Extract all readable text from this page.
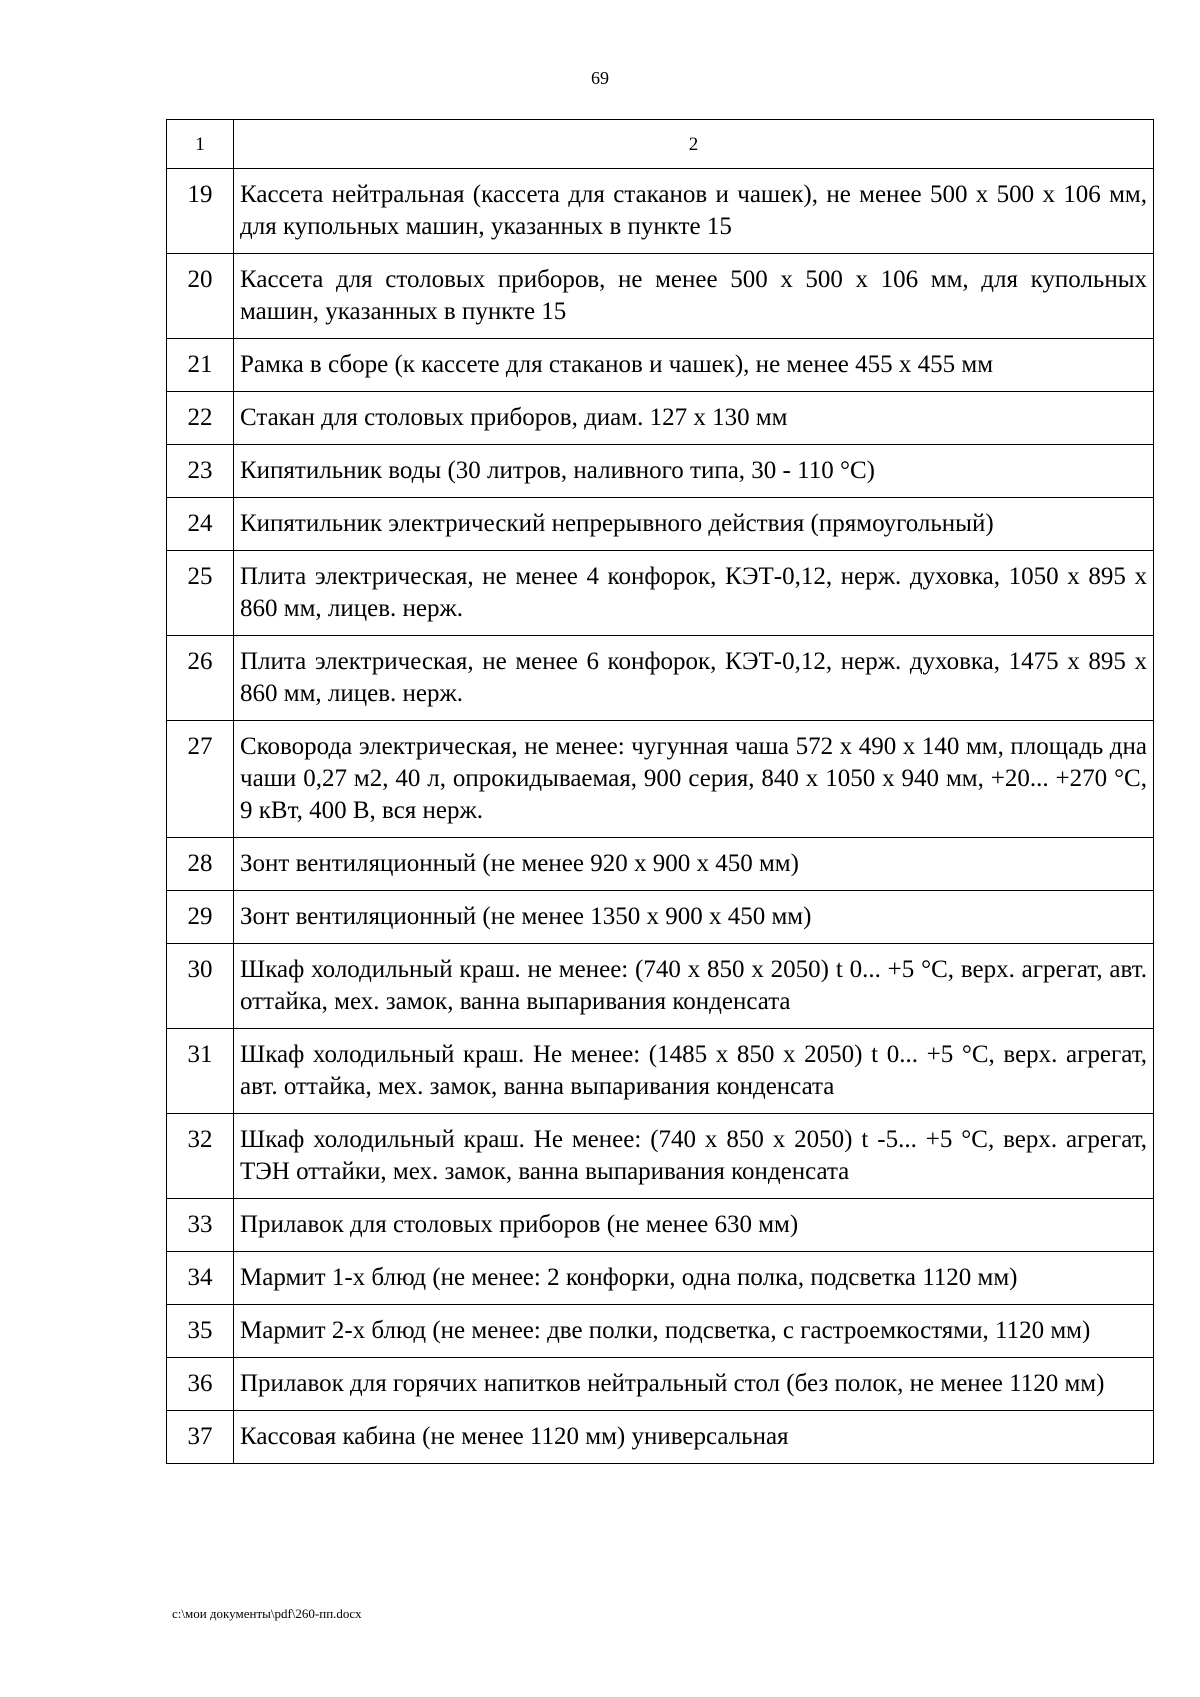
69
1	2
19	Кассета нейтральная (кассета для стаканов и чашек), не менее 500 х 500 х 106 мм, для купольных машин, указанных в пункте 15
20	Кассета для столовых приборов, не менее 500 х 500 х 106 мм, для купольных машин, указанных в пункте 15
21	Рамка в сборе (к кассете для стаканов и чашек), не менее 455 х 455 мм
22	Стакан для столовых приборов, диам. 127 х 130 мм
23	Кипятильник воды (30 литров, наливного типа, 30 - 110 °С)
24	Кипятильник электрический непрерывного действия (прямоугольный)
25	Плита электрическая, не менее 4 конфорок, КЭТ-0,12, нерж. духовка, 1050 х 895 х 860 мм, лицев. нерж.
26	Плита электрическая, не менее 6 конфорок, КЭТ-0,12, нерж. духовка, 1475 х 895 х 860 мм, лицев. нерж.
27	Сковорода электрическая, не менее: чугунная чаша 572 х 490 х 140 мм, площадь дна чаши 0,27 м2, 40 л, опрокидываемая, 900 серия, 840 х 1050 х 940 мм, +20... +270 °С, 9 кВт, 400 В, вся нерж.
28	Зонт вентиляционный (не менее 920 х 900 х 450 мм)
29	Зонт вентиляционный (не менее 1350 х 900 х 450 мм)
30	Шкаф холодильный краш. не менее: (740 х 850 х 2050) t 0... +5 °С, верх. агрегат, авт. оттайка, мех. замок, ванна выпаривания конденсата
31	Шкаф холодильный краш. Не менее: (1485 х 850 х 2050) t 0... +5 °С, верх. агрегат, авт. оттайка, мех. замок, ванна выпаривания конденсата
32	Шкаф холодильный краш. Не менее: (740 х 850 х 2050) t -5... +5 °С, верх. агрегат, ТЭН оттайки, мех. замок, ванна выпаривания конденсата
33	Прилавок для столовых приборов (не менее 630 мм)
34	Мармит 1-х блюд (не менее: 2 конфорки, одна полка, подсветка 1120 мм)
35	Мармит 2-х блюд (не менее: две полки, подсветка, с гастроемкостями, 1120 мм)
36	Прилавок для горячих напитков нейтральный стол (без полок, не менее 1120 мм)
37	Кассовая кабина (не менее 1120 мм) универсальная
c:\мои документы\pdf\260-пп.docx
